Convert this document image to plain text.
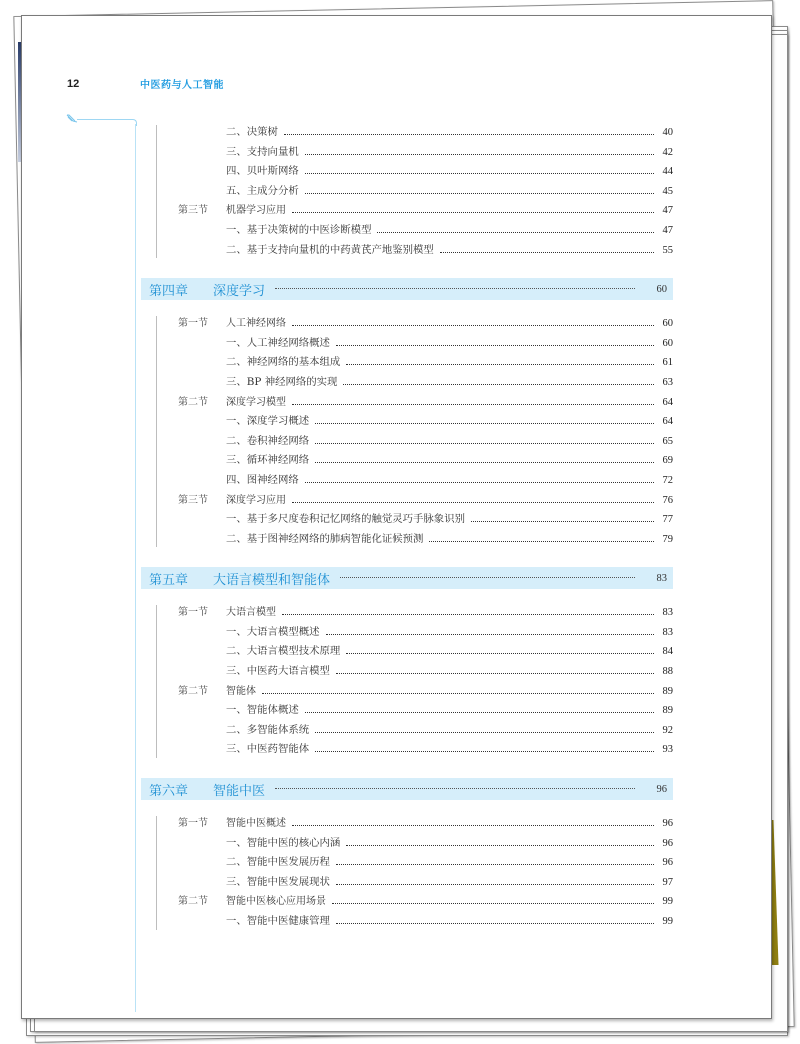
12	中医药与人工智能
二、决策树	40
三、支持向量机	42
四、贝叶斯网络	44
五、主成分分析	45
第三节	机器学习应用	47
一、基于决策树的中医诊断模型	47
二、基于支持向量机的中药黄芪产地鉴别模型	55
第四章	深度学习	60
第一节	人工神经网络	60
一、人工神经网络概述	60
二、神经网络的基本组成	61
三、BP 神经网络的实现	63
第二节	深度学习模型	64
一、深度学习概述	64
二、卷积神经网络	65
三、循环神经网络	69
四、图神经网络	72
第三节	深度学习应用	76
一、基于多尺度卷积记忆网络的触觉灵巧手脉象识别	77
二、基于图神经网络的肺病智能化证候预测	79
第五章	大语言模型和智能体	83
第一节	大语言模型	83
一、大语言模型概述	83
二、大语言模型技术原理	84
三、中医药大语言模型	88
第二节	智能体	89
一、智能体概述	89
二、多智能体系统	92
三、中医药智能体	93
第六章	智能中医	96
第一节	智能中医概述	96
一、智能中医的核心内涵	96
二、智能中医发展历程	96
三、智能中医发展现状	97
第二节	智能中医核心应用场景	99
一、智能中医健康管理	99
